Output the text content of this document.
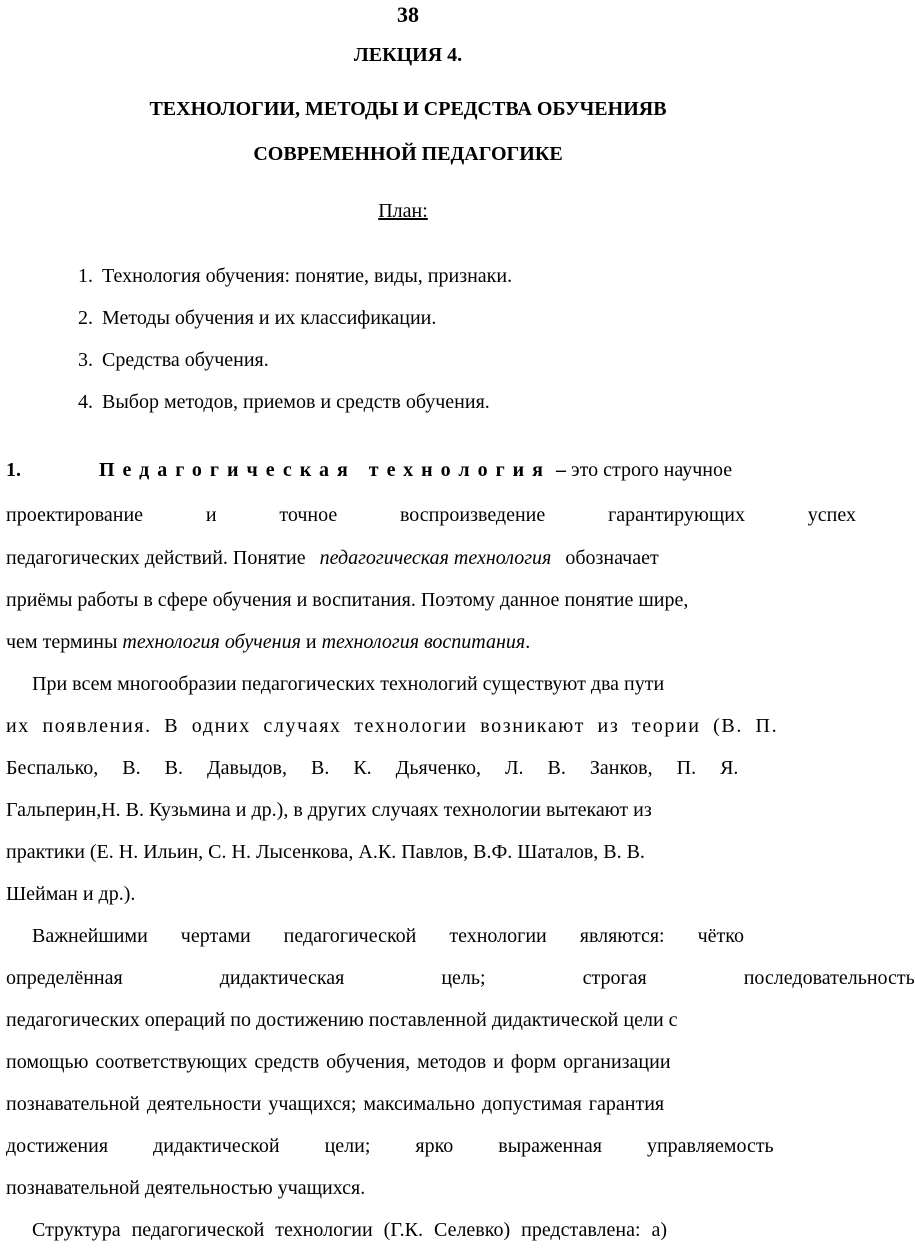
38
ЛЕКЦИЯ 4.
ТЕХНОЛОГИИ, МЕТОДЫ И СРЕДСТВА ОБУЧЕНИЯВ
СОВРЕМЕННОЙ ПЕДАГОГИКЕ
План:
1. Технология обучения: понятие, виды, признаки.
2. Методы обучения и их классификации.
3. Средства обучения.
4. Выбор методов, приемов и средств обучения.
1.	Педагогическая технология – это строго научное
проектирование	и	точное	воспроизведение	гарантирующих	успех
педагогических действий. Понятие педагогическая технология обозначает
приёмы работы в сфере обучения и воспитания. Поэтому данное понятие шире,
чем термины технология обучения и технология воспитания.
При всем многообразии педагогических технологий существуют два пути
их появления. В одних случаях технологии возникают из теории (В. П.
Беспалько, В. В. Давыдов, В. К. Дьяченко, Л. В. Занков, П. Я.
Гальперин,Н. В. Кузьмина и др.), в других случаях технологии вытекают из
практики (Е. Н. Ильин, С. Н. Лысенкова, А.К. Павлов, В.Ф. Шаталов, В. В.
Шейман и др.).
Важнейшими чертами педагогической технологии являются: чётко
определённая дидактическая цель; строгая последовательность
педагогических операций по достижению поставленной дидактической цели с
помощью соответствующих средств обучения, методов и форм организации
познавательной деятельности учащихся; максимально допустимая гарантия
достижения дидактической цели; ярко выраженная управляемость
познавательной деятельностью учащихся.
Структура педагогической технологии (Г.К. Селевко) представлена: а)
